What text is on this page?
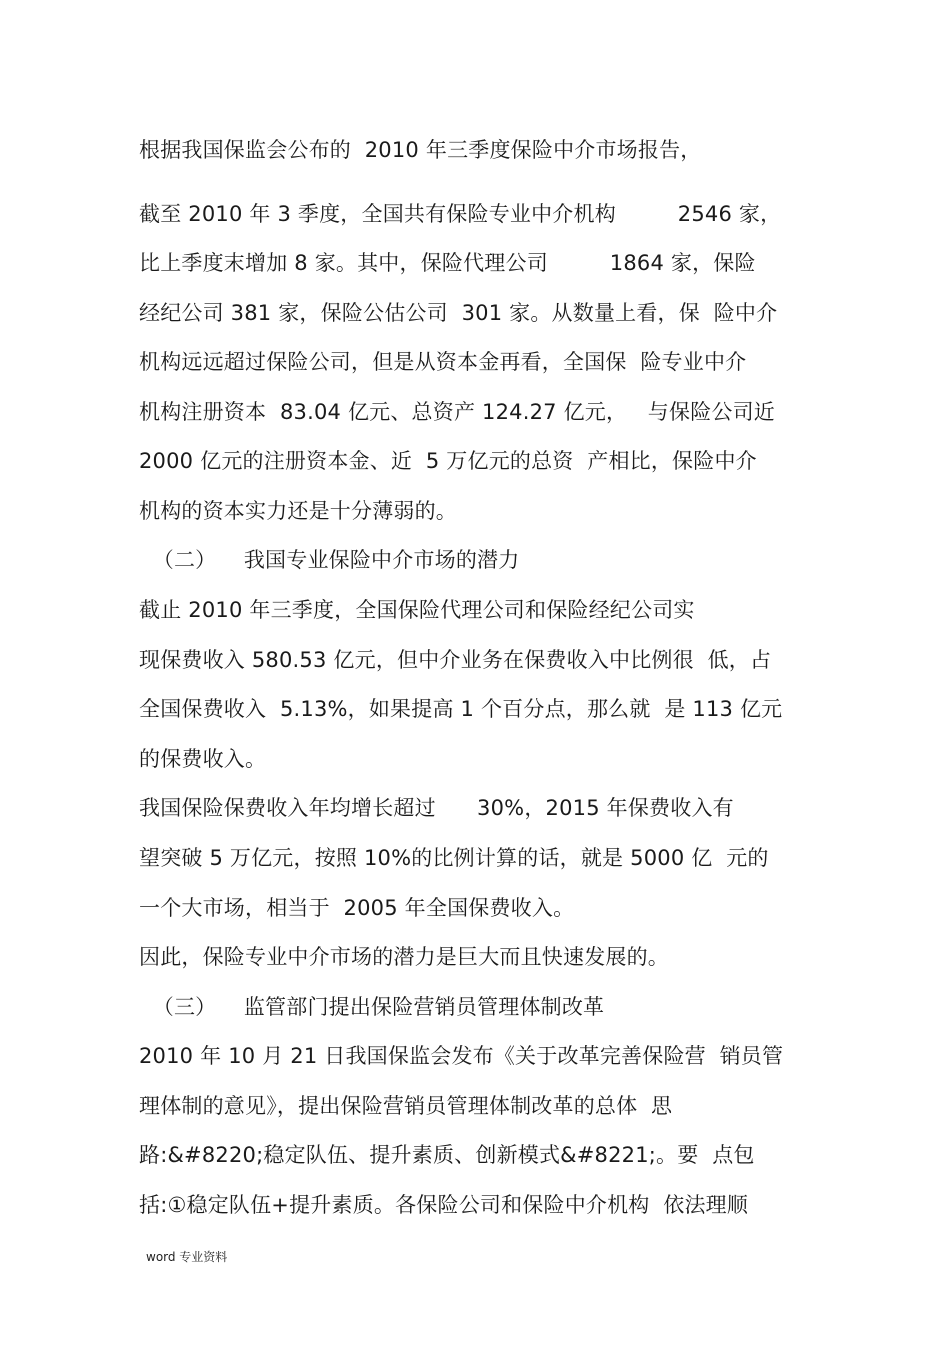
根据我国保监会公布的  2010 年三季度保险中介市场报告，
截至 2010 年 3 季度，全国共有保险专业中介机构         2546 家，
比上季度末增加 8 家。其中，保险代理公司         1864 家，保险
经纪公司 381 家，保险公估公司  301 家。从数量上看，保  险中介
机构远远超过保险公司，但是从资本金再看，全国保  险专业中介
机构注册资本  83.04 亿元、总资产 124.27 亿元，   与保险公司近
2000 亿元的注册资本金、近  5 万亿元的总资  产相比，保险中介
机构的资本实力还是十分薄弱的。
（二）    我国专业保险中介市场的潜力
截止 2010 年三季度，全国保险代理公司和保险经纪公司实
现保费收入 580.53 亿元，但中介业务在保费收入中比例很  低，占
全国保费收入  5.13%，如果提高 1 个百分点，那么就  是 113 亿元
的保费收入。
我国保险保费收入年均增长超过      30%，2015 年保费收入有
望突破 5 万亿元，按照 10%的比例计算的话，就是 5000 亿  元的
一个大市场，相当于  2005 年全国保费收入。
因此，保险专业中介市场的潜力是巨大而且快速发展的。
（三）    监管部门提出保险营销员管理体制改革
2010 年 10 月 21 日我国保监会发布《关于改革完善保险营  销员管
理体制的意见》，提出保险营销员管理体制改革的总体  思
路:&#8220;稳定队伍、提升素质、创新模式&#8221;。要  点包
括:①稳定队伍+提升素质。各保险公司和保险中介机构  依法理顺
word 专业资料
